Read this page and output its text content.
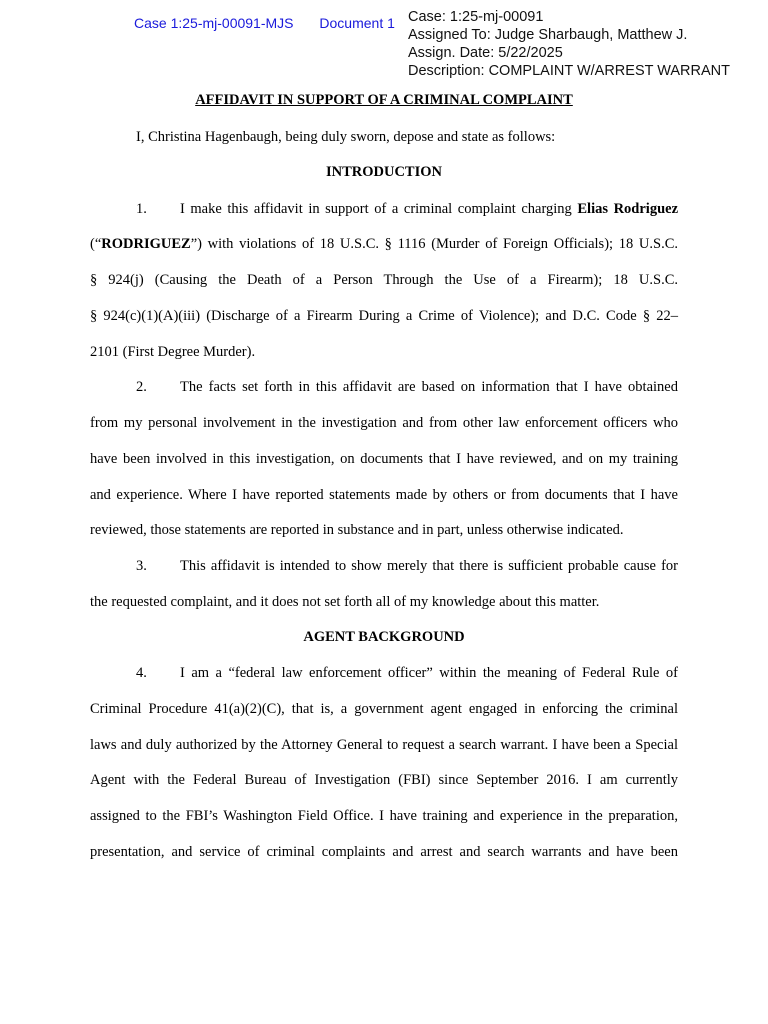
Case 1:25-mj-00091-MJS Document 1 Case: 1:25-mj-00091
Assigned To: Judge Sharbaugh, Matthew J.
Assign. Date: 5/22/2025
Description: COMPLAINT W/ARREST WARRANT
AFFIDAVIT IN SUPPORT OF A CRIMINAL COMPLAINT
I, Christina Hagenbaugh, being duly sworn, depose and state as follows:
INTRODUCTION
1. I make this affidavit in support of a criminal complaint charging Elias Rodriguez
(“RODRIGUEZ”) with violations of 18 U.S.C. § 1116 (Murder of Foreign Officials); 18 U.S.C.
§ 924(j) (Causing the Death of a Person Through the Use of a Firearm); 18 U.S.C.
§ 924(c)(1)(A)(iii) (Discharge of a Firearm During a Crime of Violence); and D.C. Code § 22–
2101 (First Degree Murder).
2. The facts set forth in this affidavit are based on information that I have obtained
from my personal involvement in the investigation and from other law enforcement officers who
have been involved in this investigation, on documents that I have reviewed, and on my training
and experience. Where I have reported statements made by others or from documents that I have
reviewed, those statements are reported in substance and in part, unless otherwise indicated.
3. This affidavit is intended to show merely that there is sufficient probable cause for
the requested complaint, and it does not set forth all of my knowledge about this matter.
AGENT BACKGROUND
4. I am a “federal law enforcement officer” within the meaning of Federal Rule of
Criminal Procedure 41(a)(2)(C), that is, a government agent engaged in enforcing the criminal
laws and duly authorized by the Attorney General to request a search warrant. I have been a Special
Agent with the Federal Bureau of Investigation (FBI) since September 2016. I am currently
assigned to the FBI’s Washington Field Office. I have training and experience in the preparation,
presentation, and service of criminal complaints and arrest and search warrants and have been
